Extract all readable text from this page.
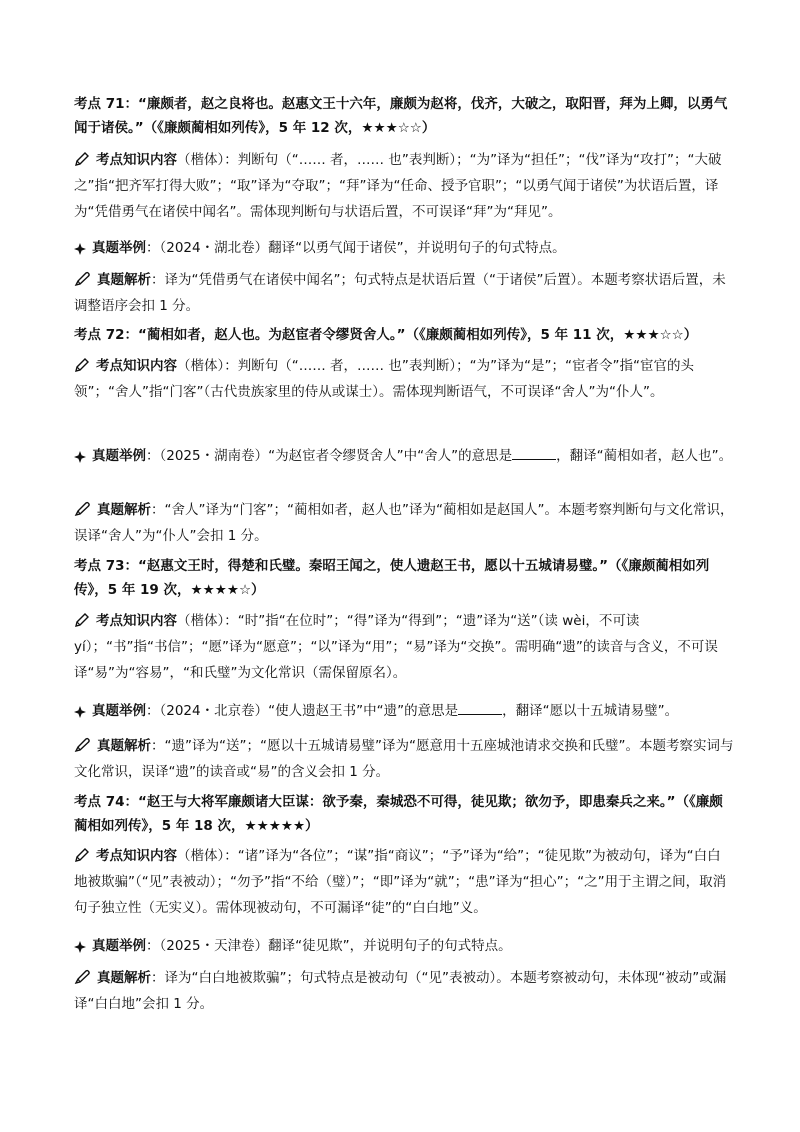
考点 71：“廉颇者，赵之良将也。赵惠文王十六年，廉颇为赵将，伐齐，大破之，取阳晋，拜为上卿，以勇气闻于诸侯。”（《廉颇蔺相如列传》，5 年 12 次，★★★☆☆）
考点知识内容（楷体）：判断句（“…… 者，…… 也”表判断）；“为”译为“担任”；“伐”译为“攻打”；“大破之”指“把齐军打得大败”；“取”译为“夺取”；“拜”译为“任命、授予官职”；“以勇气闻于诸侯”为状语后置，译为“凭借勇气在诸侯中闻名”。需体现判断句与状语后置，不可误译“拜”为“拜见”。
真题举例：（2024・湖北卷）翻译“以勇气闻于诸侯”，并说明句子的句式特点。
真题解析：译为“凭借勇气在诸侯中闻名”；句式特点是状语后置（“于诸侯”后置）。本题考察状语后置，未调整语序会扣 1 分。
考点 72：“蔺相如者，赵人也。为赵宦者令缪贤舍人。”（《廉颇蔺相如列传》，5 年 11 次，★★★☆☆）
考点知识内容（楷体）：判断句（“…… 者，…… 也”表判断）；“为”译为“是”；“宦者令”指“宦官的头领”；“舍人”指“门客”（古代贵族家里的侍从或谋士）。需体现判断语气，不可误译“舍人”为“仆人”。
真题举例：（2025・湖南卷）“为赵宦者令缪贤舍人”中“舍人”的意思是	，翻译“蔺相如者，赵人也”。
真题解析：“舍人”译为“门客”；“蔺相如者，赵人也”译为“蔺相如是赵国人”。本题考察判断句与文化常识，误译“舍人”为“仆人”会扣 1 分。
考点 73：“赵惠文王时，得楚和氏璧。秦昭王闻之，使人遗赵王书，愿以十五城请易璧。”（《廉颇蔺相如列传》，5 年 19 次，★★★★☆）
考点知识内容（楷体）：“时”指“在位时”；“得”译为“得到”；“遗”译为“送”（读 wèi，不可读 yí）；“书”指“书信”；“愿”译为“愿意”；“以”译为“用”；“易”译为“交换”。需明确“遗”的读音与含义，不可误译“易”为“容易”，“和氏璧”为文化常识（需保留原名）。
真题举例：（2024・北京卷）“使人遗赵王书”中“遗”的意思是	，翻译“愿以十五城请易璧”。
真题解析：“遗”译为“送”；“愿以十五城请易璧”译为“愿意用十五座城池请求交换和氏璧”。本题考察实词与文化常识，误译“遗”的读音或“易”的含义会扣 1 分。
考点 74：“赵王与大将军廉颇诸大臣谋：欲予秦，秦城恐不可得，徒见欺；欲勿予，即患秦兵之来。”（《廉颇蔺相如列传》，5 年 18 次，★★★★★）
考点知识内容（楷体）：“诸”译为“各位”；“谋”指“商议”；“予”译为“给”；“徒见欺”为被动句，译为“白白地被欺骗”（“见”表被动）；“勿予”指“不给（璧）”；“即”译为“就”；“患”译为“担心”；“之”用于主谓之间，取消句子独立性（无实义）。需体现被动句，不可漏译“徒”的“白白地”义。
真题举例：（2025・天津卷）翻译“徒见欺”，并说明句子的句式特点。
真题解析：译为“白白地被欺骗”；句式特点是被动句（“见”表被动）。本题考察被动句，未体现“被动”或漏译“白白地”会扣 1 分。
